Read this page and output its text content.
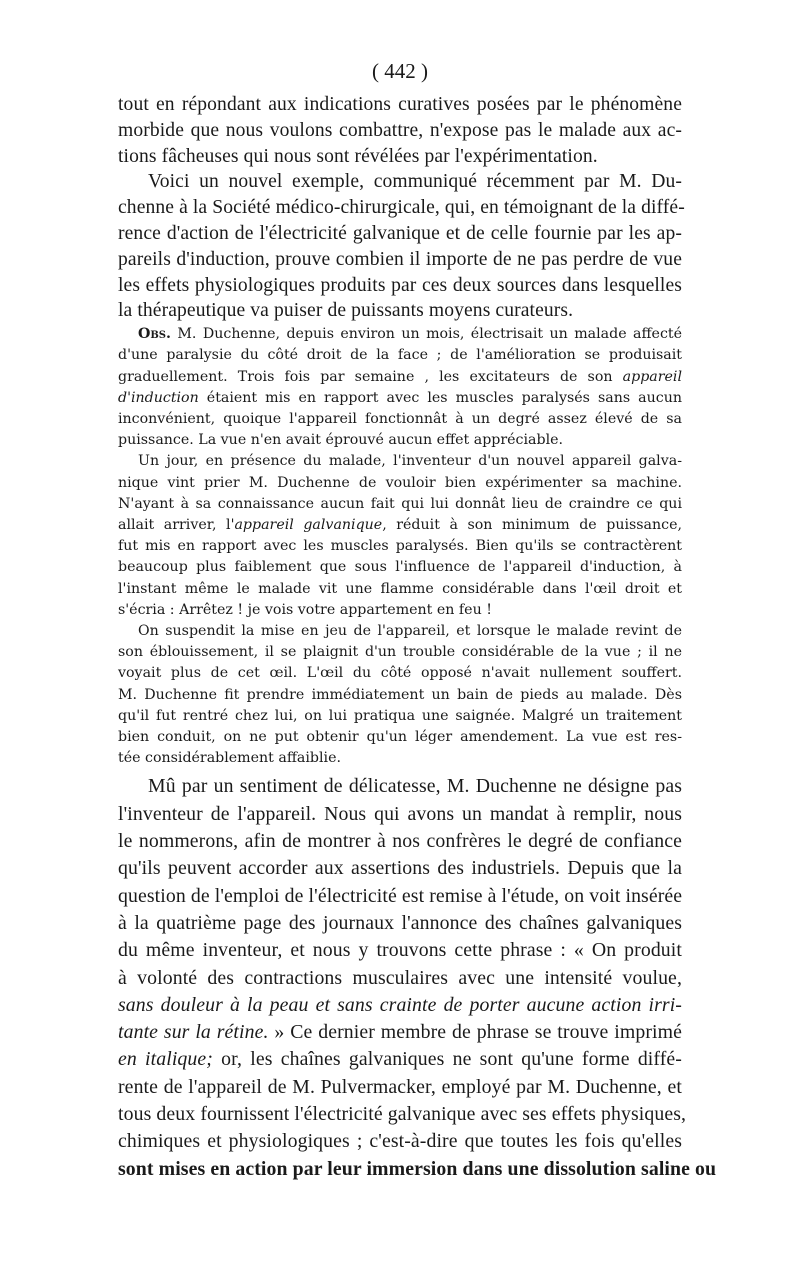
( 442 )
tout en répondant aux indications curatives posées par le phénomène
morbide que nous voulons combattre, n'expose pas le malade aux ac-
tions fâcheuses qui nous sont révélées par l'expérimentation.
Voici un nouvel exemple, communiqué récemment par M. Du-
chenne à la Société médico-chirurgicale, qui, en témoignant de la diffé-
rence d'action de l'électricité galvanique et de celle fournie par les ap-
pareils d'induction, prouve combien il importe de ne pas perdre de vue
les effets physiologiques produits par ces deux sources dans lesquelles
la thérapeutique va puiser de puissants moyens curateurs.
Obs. M. Duchenne, depuis environ un mois, électrisait un malade affecté
d'une paralysie du côté droit de la face ; de l'amélioration se produisait
graduellement. Trois fois par semaine , les excitateurs de son appareil
d'induction étaient mis en rapport avec les muscles paralysés sans aucun
inconvénient, quoique l'appareil fonctionnât à un degré assez élevé de sa
puissance. La vue n'en avait éprouvé aucun effet appréciable.
Un jour, en présence du malade, l'inventeur d'un nouvel appareil galva-
nique vint prier M. Duchenne de vouloir bien expérimenter sa machine.
N'ayant à sa connaissance aucun fait qui lui donnât lieu de craindre ce qui
allait arriver, l'appareil galvanique, réduit à son minimum de puissance,
fut mis en rapport avec les muscles paralysés. Bien qu'ils se contractèrent
beaucoup plus faiblement que sous l'influence de l'appareil d'induction, à
l'instant même le malade vit une flamme considérable dans l'œil droit et
s'écria : Arrêtez ! je vois votre appartement en feu !
On suspendit la mise en jeu de l'appareil, et lorsque le malade revint de
son éblouissement, il se plaignit d'un trouble considérable de la vue ; il ne
voyait plus de cet œil. L'œil du côté opposé n'avait nullement souffert.
M. Duchenne fit prendre immédiatement un bain de pieds au malade. Dès
qu'il fut rentré chez lui, on lui pratiqua une saignée. Malgré un traitement
bien conduit, on ne put obtenir qu'un léger amendement. La vue est res-
tée considérablement affaiblie.
Mû par un sentiment de délicatesse, M. Duchenne ne désigne pas
l'inventeur de l'appareil. Nous qui avons un mandat à remplir, nous
le nommerons, afin de montrer à nos confrères le degré de confiance
qu'ils peuvent accorder aux assertions des industriels. Depuis que la
question de l'emploi de l'électricité est remise à l'étude, on voit insérée
à la quatrième page des journaux l'annonce des chaînes galvaniques
du même inventeur, et nous y trouvons cette phrase : « On produit
à volonté des contractions musculaires avec une intensité voulue,
sans douleur à la peau et sans crainte de porter aucune action irri-
tante sur la rétine. » Ce dernier membre de phrase se trouve imprimé
en italique; or, les chaînes galvaniques ne sont qu'une forme diffé-
rente de l'appareil de M. Pulvermacker, employé par M. Duchenne, et
tous deux fournissent l'électricité galvanique avec ses effets physiques,
chimiques et physiologiques ; c'est-à-dire que toutes les fois qu'elles
sont mises en action par leur immersion dans une dissolution saline ou
